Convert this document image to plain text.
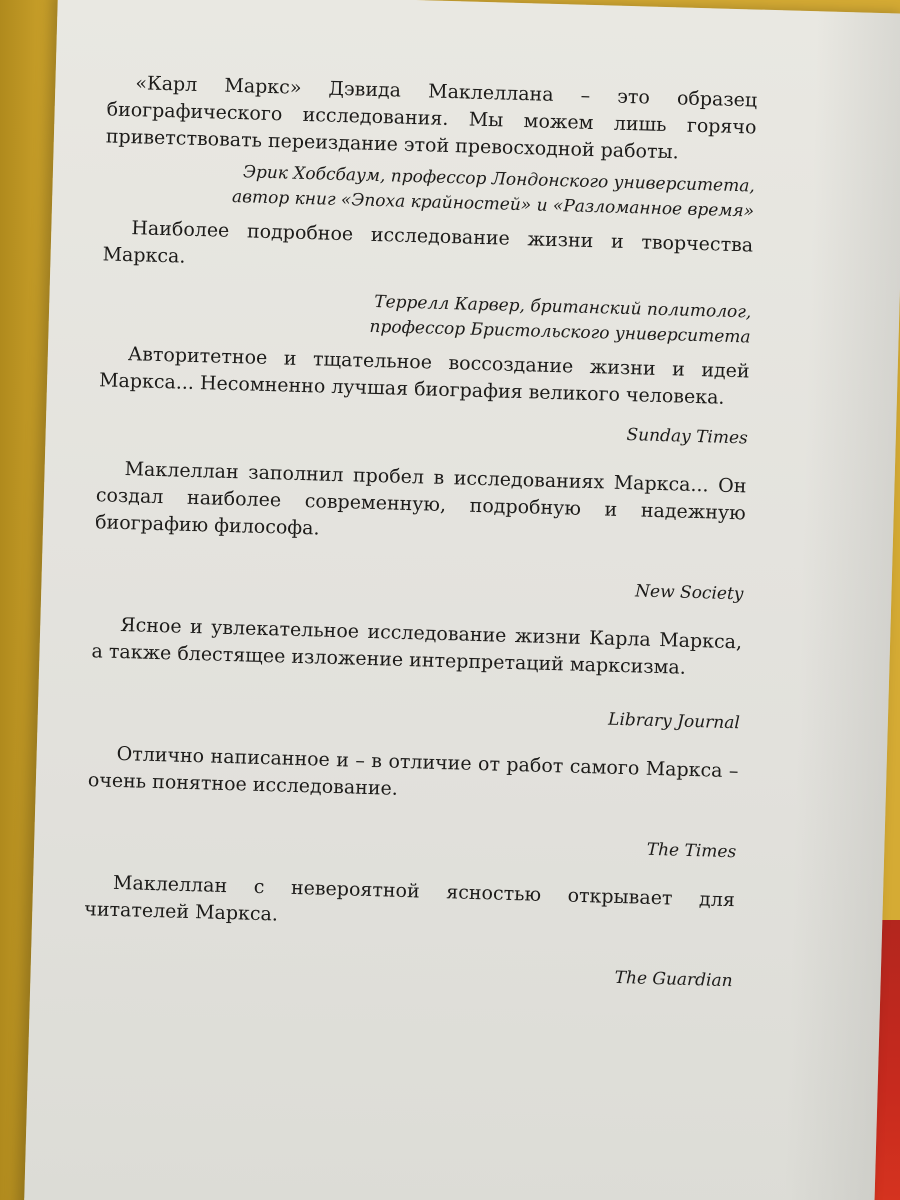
«Карл Маркс» Дэвида Маклеллана – это образец биографического исследования. Мы можем лишь горячо приветствовать переиздание этой превосходной работы.

Эрик Хобсбаум, профессор Лондонского университета,

автор книг «Эпоха крайностей» и «Разломанное время»

Наиболее подробное исследование жизни и творчества Маркса.

Террелл Карвер, британский политолог,

профессор Бристольского университета

Авторитетное и тщательное воссоздание жизни и идей Маркса... Несомненно лучшая биография великого человека.

Sunday Times

Маклеллан заполнил пробел в исследованиях Маркса... Он создал наиболее современную, подробную и надежную биографию философа.

New Society

Ясное и увлекательное исследование жизни Карла Маркса, а также блестящее изложение интерпретаций марксизма.

Library Journal

Отлично написанное и – в отличие от работ самого Маркса – очень понятное исследование.

The Times

Маклеллан с невероятной ясностью открывает для читателей Маркса.

The Guardian
